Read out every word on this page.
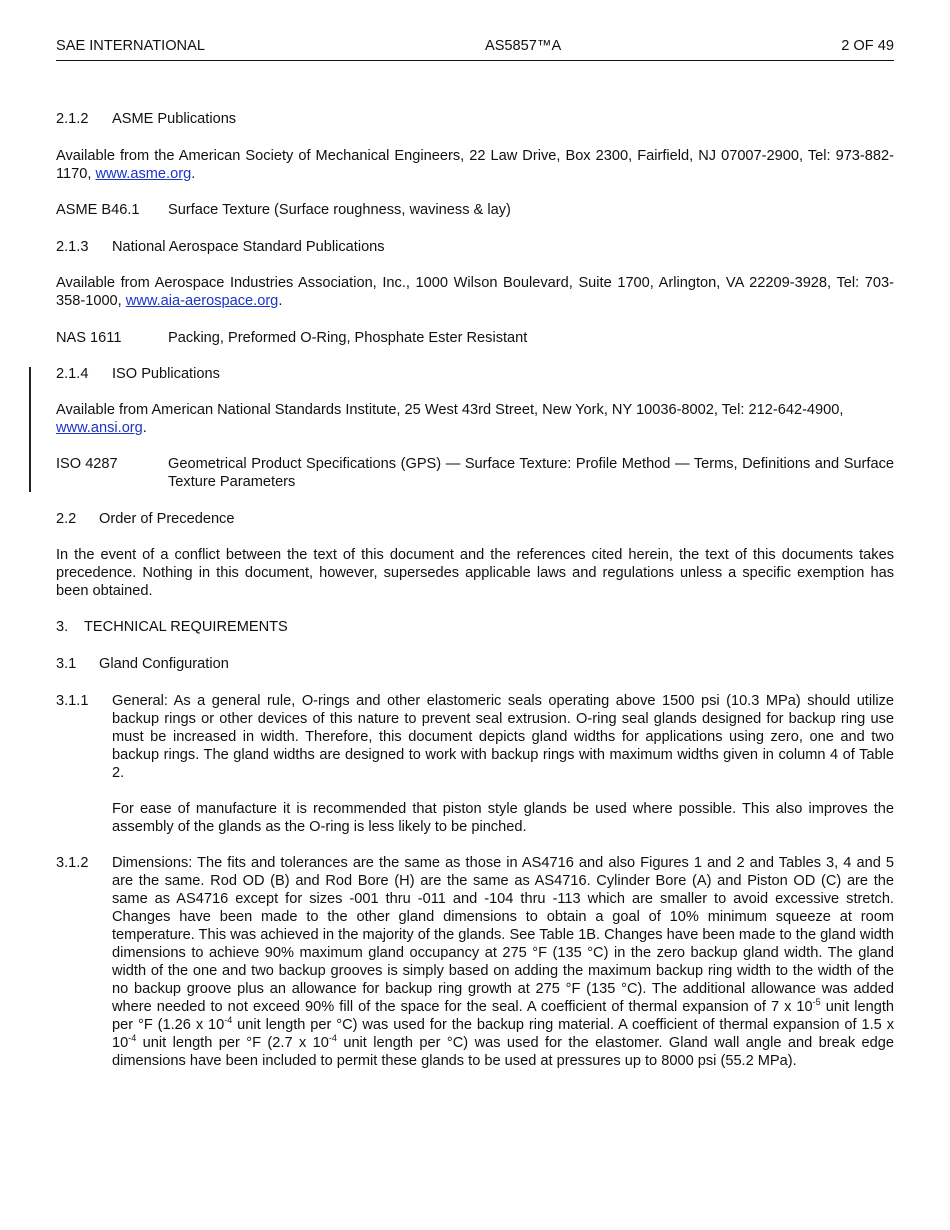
SAE INTERNATIONAL	AS5857™A	2 OF 49
2.1.2 ASME Publications
Available from the American Society of Mechanical Engineers, 22 Law Drive, Box 2300, Fairfield, NJ 07007-2900, Tel: 973-882-1170, www.asme.org.
ASME B46.1 Surface Texture (Surface roughness, waviness & lay)
2.1.3 National Aerospace Standard Publications
Available from Aerospace Industries Association, Inc., 1000 Wilson Boulevard, Suite 1700, Arlington, VA 22209-3928, Tel: 703-358-1000, www.aia-aerospace.org.
NAS 1611	Packing, Preformed O-Ring, Phosphate Ester Resistant
2.1.4 ISO Publications
Available from American National Standards Institute, 25 West 43rd Street, New York, NY 10036-8002, Tel: 212-642-4900, www.ansi.org.
ISO 4287	Geometrical Product Specifications (GPS) — Surface Texture: Profile Method — Terms, Definitions and Surface Texture Parameters
2.2 Order of Precedence
In the event of a conflict between the text of this document and the references cited herein, the text of this documents takes precedence. Nothing in this document, however, supersedes applicable laws and regulations unless a specific exemption has been obtained.
3. TECHNICAL REQUIREMENTS
3.1 Gland Configuration
3.1.1 General: As a general rule, O-rings and other elastomeric seals operating above 1500 psi (10.3 MPa) should utilize backup rings or other devices of this nature to prevent seal extrusion. O-ring seal glands designed for backup ring use must be increased in width. Therefore, this document depicts gland widths for applications using zero, one and two backup rings. The gland widths are designed to work with backup rings with maximum widths given in column 4 of Table 2.
For ease of manufacture it is recommended that piston style glands be used where possible. This also improves the assembly of the glands as the O-ring is less likely to be pinched.
3.1.2 Dimensions: The fits and tolerances are the same as those in AS4716 and also Figures 1 and 2 and Tables 3, 4 and 5 are the same. Rod OD (B) and Rod Bore (H) are the same as AS4716. Cylinder Bore (A) and Piston OD (C) are the same as AS4716 except for sizes -001 thru -011 and -104 thru -113 which are smaller to avoid excessive stretch. Changes have been made to the other gland dimensions to obtain a goal of 10% minimum squeeze at room temperature. This was achieved in the majority of the glands. See Table 1B. Changes have been made to the gland width dimensions to achieve 90% maximum gland occupancy at 275 °F (135 °C) in the zero backup gland width. The gland width of the one and two backup grooves is simply based on adding the maximum backup ring width to the width of the no backup groove plus an allowance for backup ring growth at 275 °F (135 °C). The additional allowance was added where needed to not exceed 90% fill of the space for the seal. A coefficient of thermal expansion of 7 x $10^{-5}$ unit length per °F (1.26 x $10^{-4}$ unit length per °C) was used for the backup ring material. A coefficient of thermal expansion of 1.5 x $10^{-4}$ unit length per °F (2.7 x $10^{-4}$ unit length per °C) was used for the elastomer. Gland wall angle and break edge dimensions have been included to permit these glands to be used at pressures up to 8000 psi (55.2 MPa).
